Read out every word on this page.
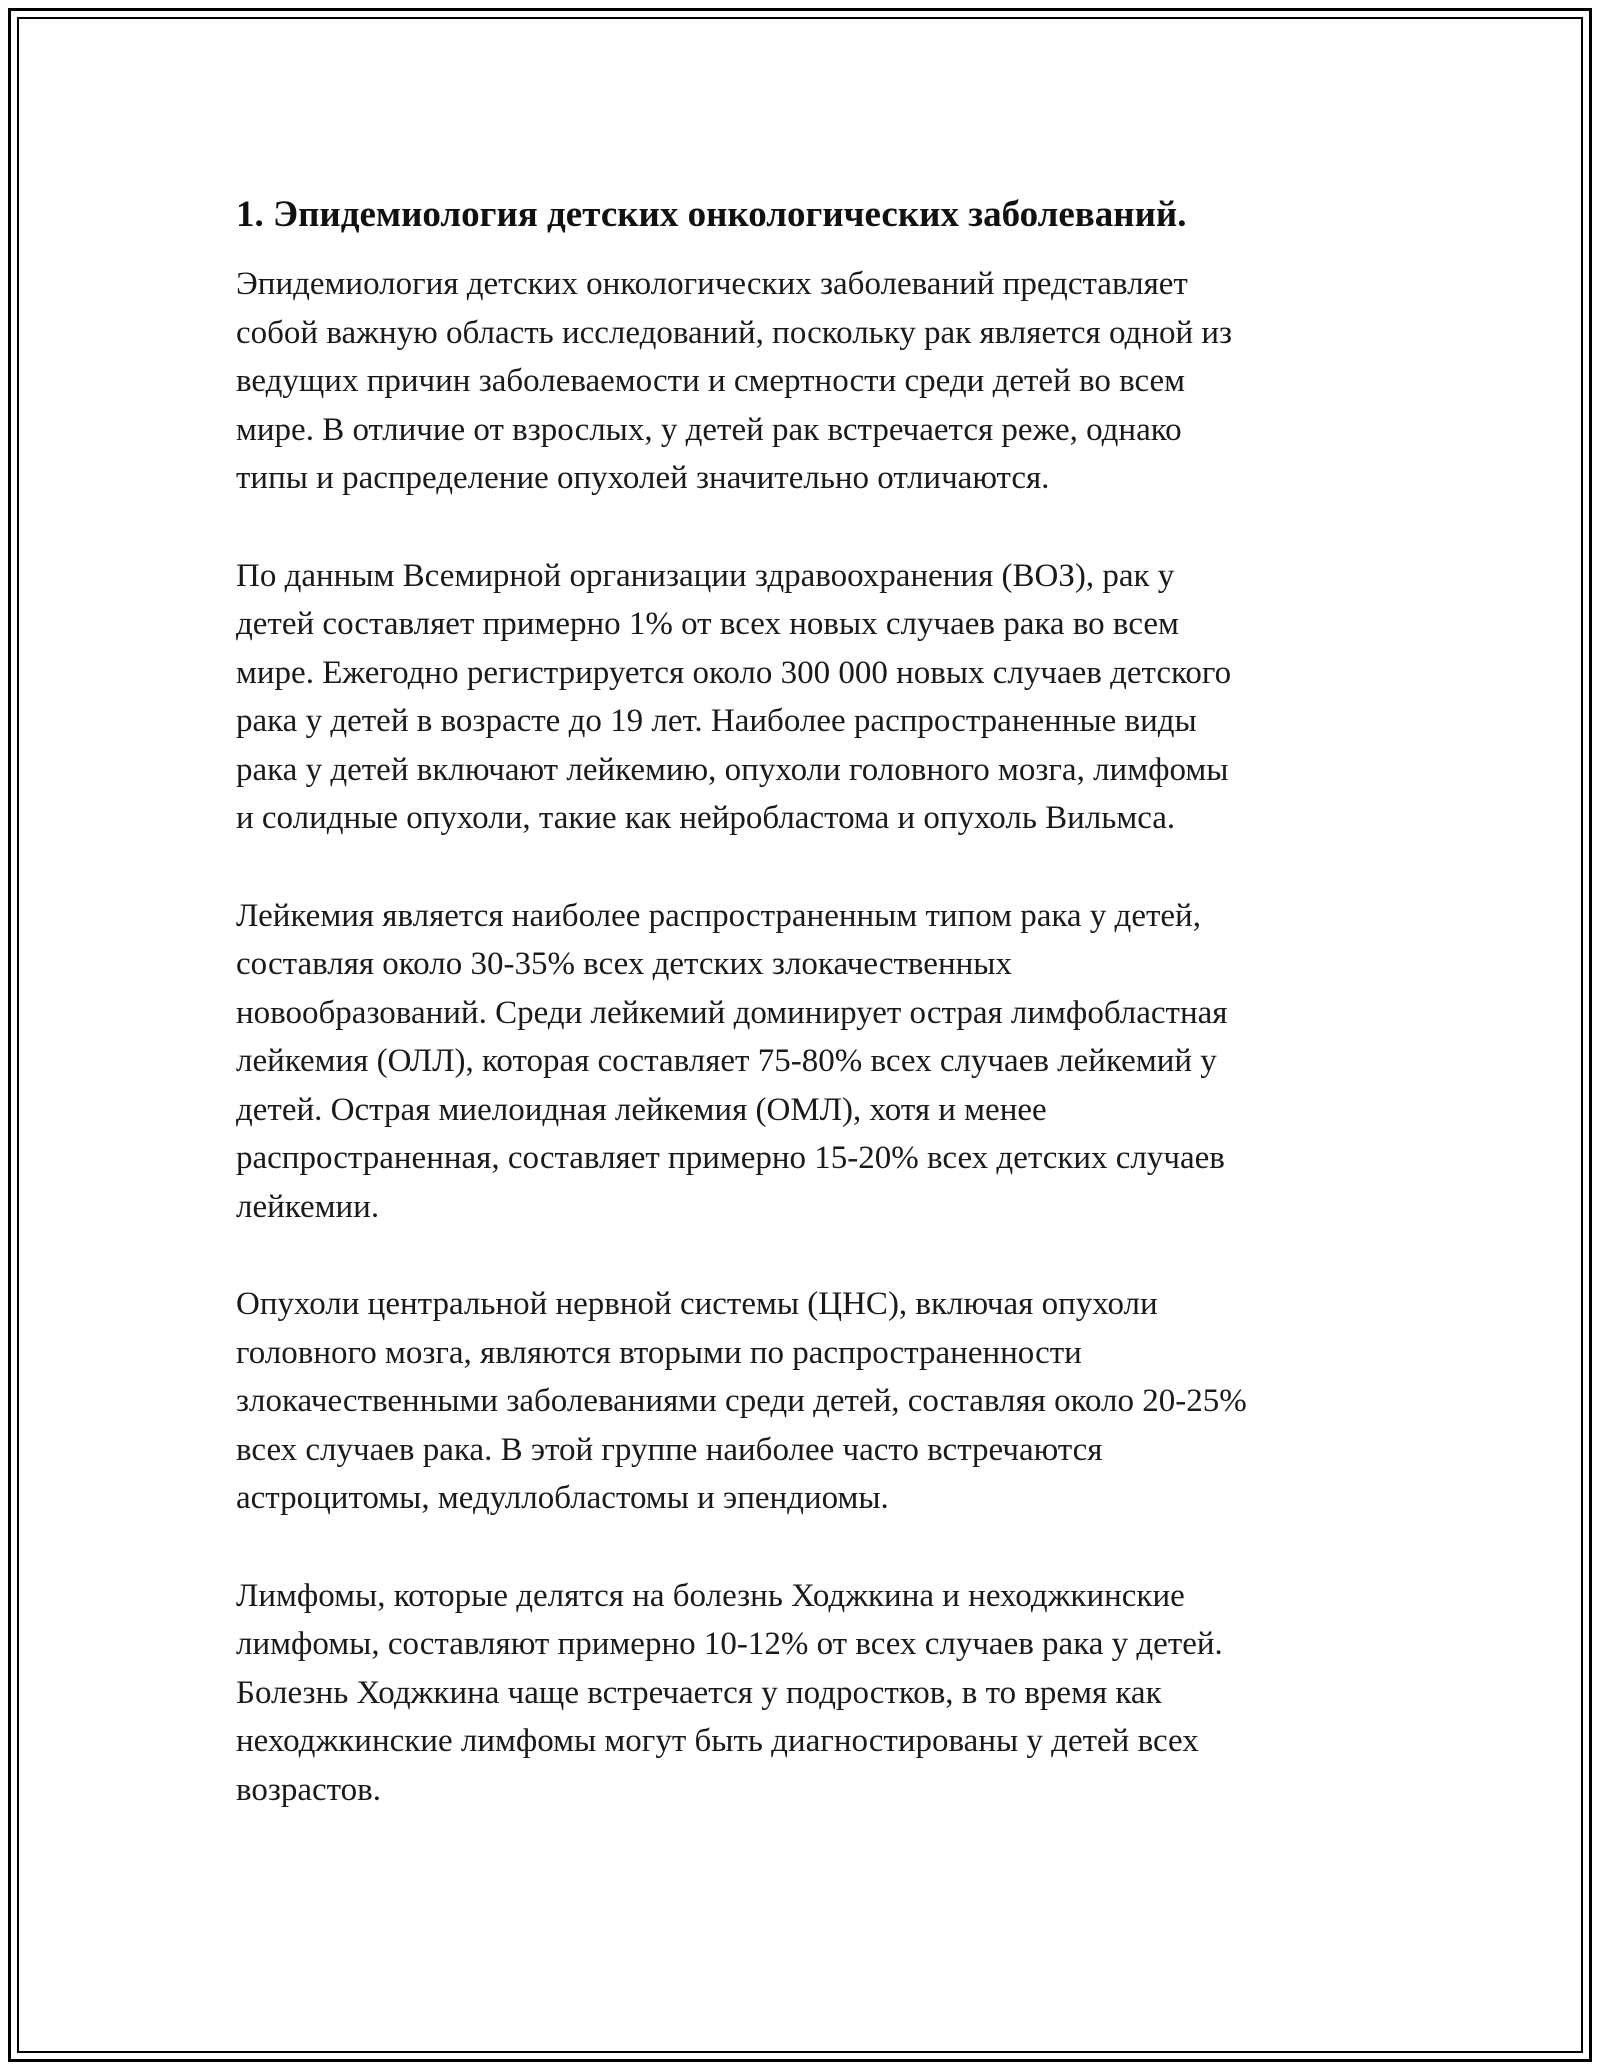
1. Эпидемиология детских онкологических заболеваний.

Эпидемиология детских онкологических заболеваний представляет
собой важную область исследований, поскольку рак является одной из
ведущих причин заболеваемости и смертности среди детей во всем
мире. В отличие от взрослых, у детей рак встречается реже, однако
типы и распределение опухолей значительно отличаются.

По данным Всемирной организации здравоохранения (ВОЗ), рак у
детей составляет примерно 1% от всех новых случаев рака во всем
мире. Ежегодно регистрируется около 300 000 новых случаев детского
рака у детей в возрасте до 19 лет. Наиболее распространенные виды
рака у детей включают лейкемию, опухоли головного мозга, лимфомы
и солидные опухоли, такие как нейробластома и опухоль Вильмса.

Лейкемия является наиболее распространенным типом рака у детей,
составляя около 30-35% всех детских злокачественных
новообразований. Среди лейкемий доминирует острая лимфобластная
лейкемия (ОЛЛ), которая составляет 75-80% всех случаев лейкемий у
детей. Острая миелоидная лейкемия (ОМЛ), хотя и менее
распространенная, составляет примерно 15-20% всех детских случаев
лейкемии.

Опухоли центральной нервной системы (ЦНС), включая опухоли
головного мозга, являются вторыми по распространенности
злокачественными заболеваниями среди детей, составляя около 20-25%
всех случаев рака. В этой группе наиболее часто встречаются
астроцитомы, медуллобластомы и эпендиомы.

Лимфомы, которые делятся на болезнь Ходжкина и неходжкинские
лимфомы, составляют примерно 10-12% от всех случаев рака у детей.
Болезнь Ходжкина чаще встречается у подростков, в то время как
неходжкинские лимфомы могут быть диагностированы у детей всех
возрастов.
